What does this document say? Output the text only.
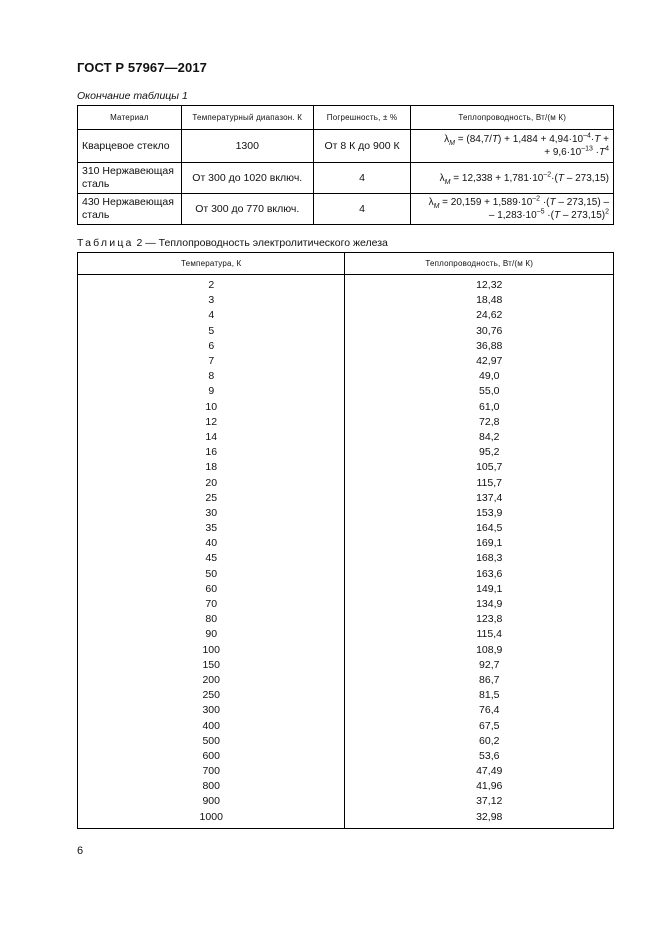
ГОСТ Р 57967—2017
Окончание таблицы 1
Материал	Температурный диапазон. К	Погрешность, ± %	Теплопроводность, Вт/(м К)
Кварцевое стекло	1300	От 8 К до 900 К	$\lambda_M = (84,7/T) + 1,484 + 4,94\cdot 10^{-4}\cdot T$ +
+ $9,6\cdot 10^{-13} \cdot T^4$

310 Нержавеющая сталь	От 300 до 1020 включ.	4	$\lambda_M = 12,338 + 1,781\cdot 10^{-2}\cdot(T - 273,15)$

430 Нержавеющая сталь	От 300 до 770 включ.	4	$\lambda_M = 20,159 + 1,589\cdot 10^{-2} \cdot(T - 273,15)$ –
– $1,283\cdot 10^{-5} \cdot(T - 273,15)^2$
Таблица 2 — Теплопроводность электролитического железа
Температура, К	Теплопроводность, Вт/(м К)
2	12,32
3	18,48
4	24,62
5	30,76
6	36,88
7	42,97
8	49,0
9	55,0
10	61,0
12	72,8
14	84,2
16	95,2
18	105,7
20	115,7
25	137,4
30	153,9
35	164,5
40	169,1
45	168,3
50	163,6
60	149,1
70	134,9
80	123,8
90	115,4
100	108,9
150	92,7
200	86,7
250	81,5
300	76,4
400	67,5
500	60,2
600	53,6
700	47,49
800	41,96
900	37,12
1000	32,98
6
